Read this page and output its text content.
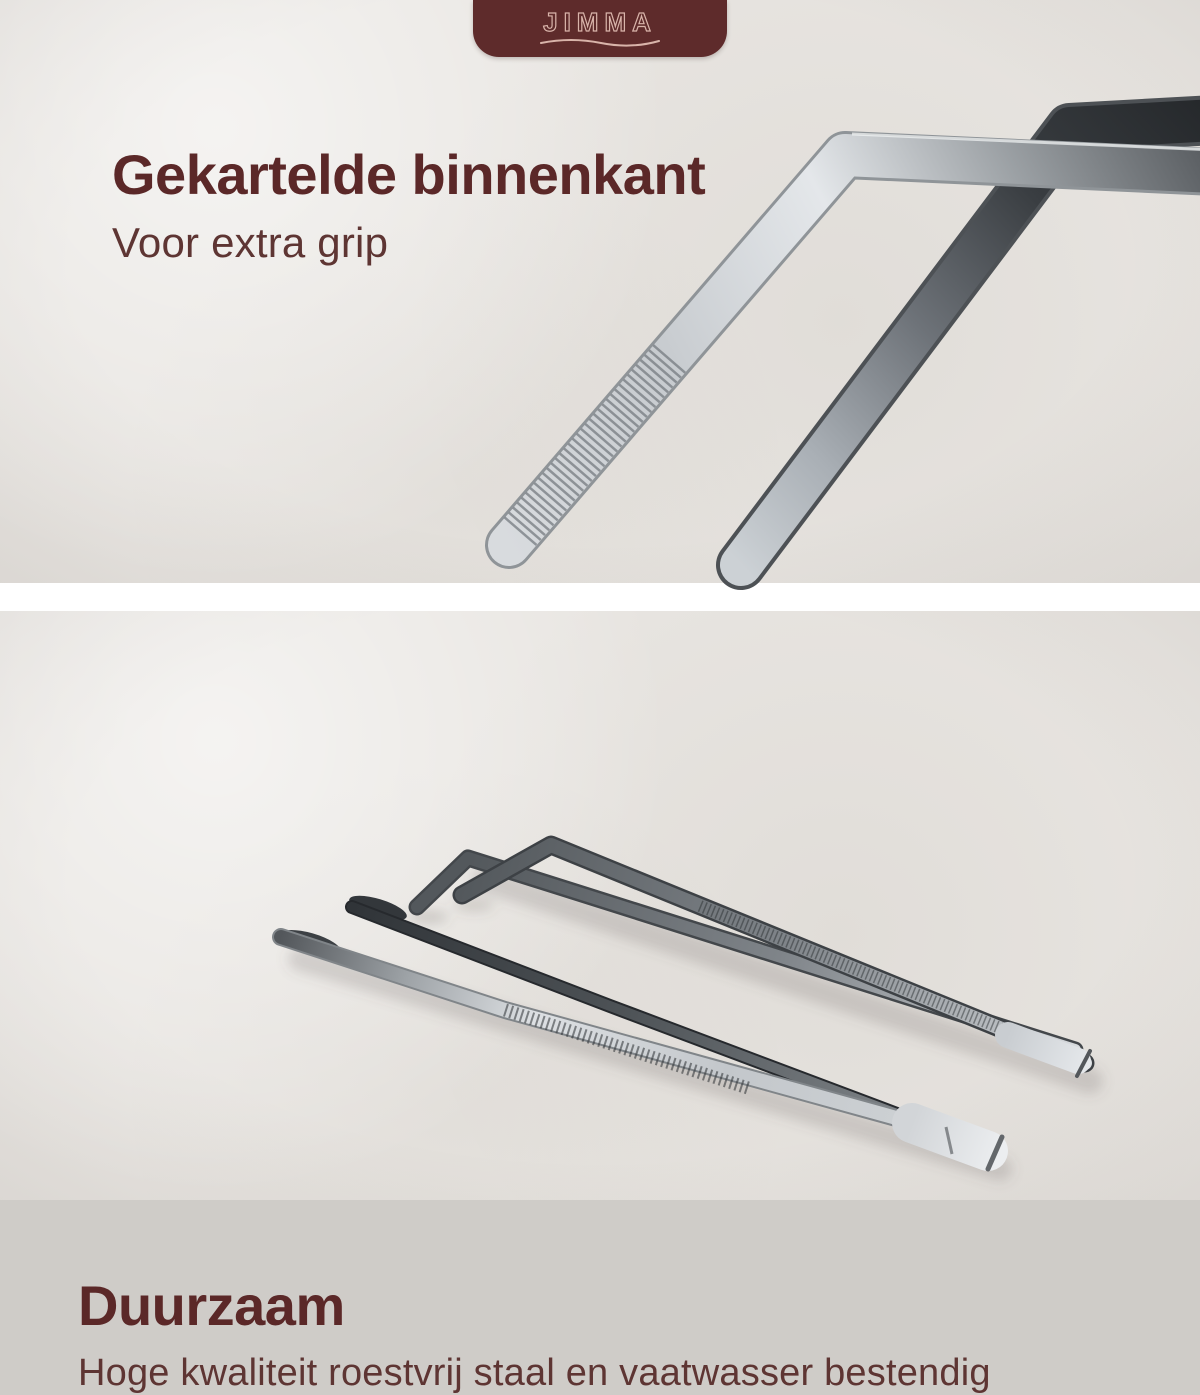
JIMMA
Gekartelde binnenkant
Voor extra grip
Duurzaam
Hoge kwaliteit roestvrij staal en vaatwasser bestendig
